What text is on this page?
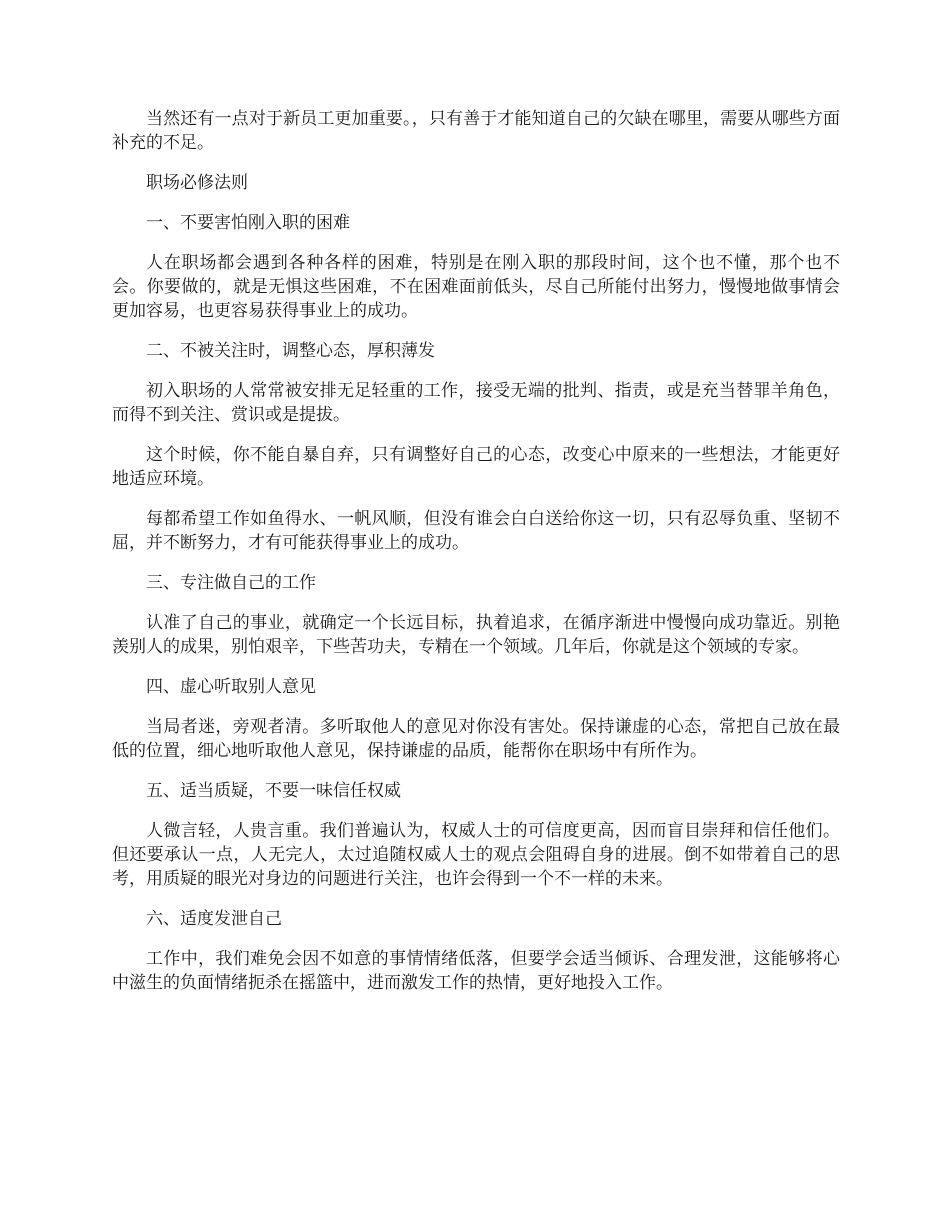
当然还有一点对于新员工更加重要。，只有善于才能知道自己的欠缺在哪里，需要从哪些方面补充的不足。

职场必修法则

一、不要害怕刚入职的困难

人在职场都会遇到各种各样的困难，特别是在刚入职的那段时间，这个也不懂，那个也不会。你要做的，就是无惧这些困难，不在困难面前低头，尽自己所能付出努力，慢慢地做事情会更加容易，也更容易获得事业上的成功。

二、不被关注时，调整心态，厚积薄发

初入职场的人常常被安排无足轻重的工作，接受无端的批判、指责，或是充当替罪羊角色，而得不到关注、赏识或是提拔。

这个时候，你不能自暴自弃，只有调整好自己的心态，改变心中原来的一些想法，才能更好地适应环境。

每都希望工作如鱼得水、一帆风顺，但没有谁会白白送给你这一切，只有忍辱负重、坚韧不屈，并不断努力，才有可能获得事业上的成功。

三、专注做自己的工作

认准了自己的事业，就确定一个长远目标，执着追求，在循序渐进中慢慢向成功靠近。别艳羡别人的成果，别怕艰辛，下些苦功夫，专精在一个领域。几年后，你就是这个领域的专家。

四、虚心听取别人意见

当局者迷，旁观者清。多听取他人的意见对你没有害处。保持谦虚的心态，常把自己放在最低的位置，细心地听取他人意见，保持谦虚的品质，能帮你在职场中有所作为。

五、适当质疑，不要一味信任权威

人微言轻，人贵言重。我们普遍认为，权威人士的可信度更高，因而盲目崇拜和信任他们。但还要承认一点，人无完人，太过追随权威人士的观点会阻碍自身的进展。倒不如带着自己的思考，用质疑的眼光对身边的问题进行关注，也许会得到一个不一样的未来。

六、适度发泄自己

工作中，我们难免会因不如意的事情情绪低落，但要学会适当倾诉、合理发泄，这能够将心中滋生的负面情绪扼杀在摇篮中，进而激发工作的热情，更好地投入工作。
